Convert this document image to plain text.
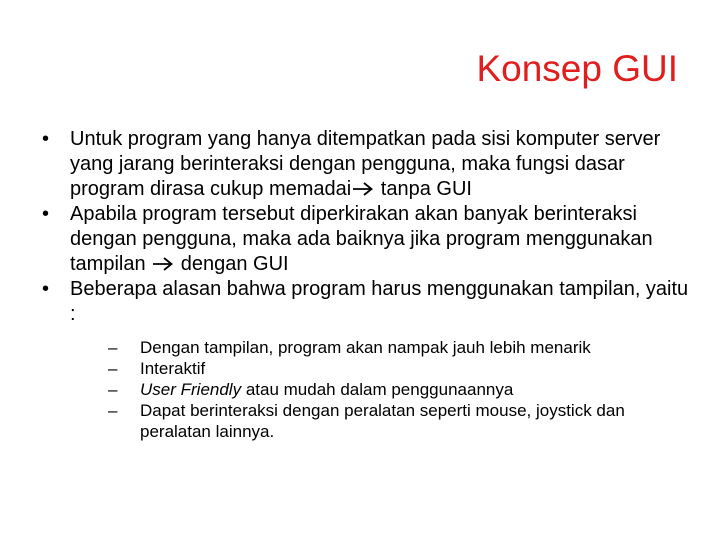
Konsep GUI
• Untuk program yang hanya ditempatkan pada sisi komputer server yang jarang berinteraksi dengan pengguna, maka fungsi dasar program dirasa cukup memadai tanpa GUI
• Apabila program tersebut diperkirakan akan banyak berinteraksi dengan pengguna, maka ada baiknya jika program menggunakan tampilan  dengan GUI
• Beberapa alasan bahwa program harus menggunakan tampilan, yaitu :
– Dengan tampilan, program akan nampak jauh lebih menarik
– Interaktif
– User Friendly atau mudah dalam penggunaannya
– Dapat berinteraksi dengan peralatan seperti mouse, joystick dan peralatan lainnya.
